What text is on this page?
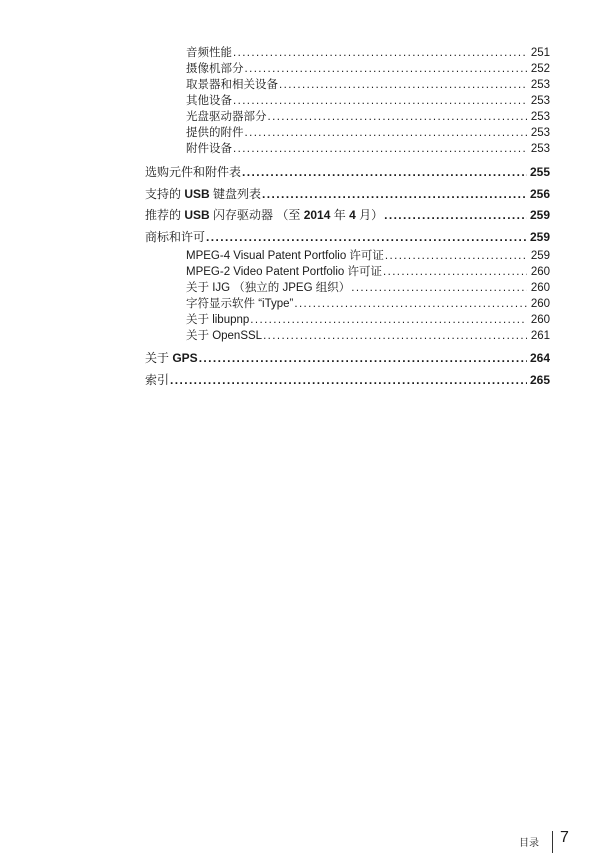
音频性能 .....	251
摄像机部分 .....	252
取景器和相关设备 .....	253
其他设备 .....	253
光盘驱动器部分 .....	253
提供的附件 .....	253
附件设备 .....	253
选购元件和附件表 .....	255
支持的 USB 键盘列表 .....	256
推荐的 USB 闪存驱动器 （至 2014 年 4 月） .....	259
商标和许可 .....	259
MPEG-4 Visual Patent Portfolio 许可证 .....	259
MPEG-2 Video Patent Portfolio 许可证 .....	260
关于 IJG （独立的 JPEG 组织） .....	260
字符显示软件 “iType” .....	260
关于 libupnp .....	260
关于 OpenSSL .....	261
关于 GPS .....	264
索引 .....	265
目录 7
